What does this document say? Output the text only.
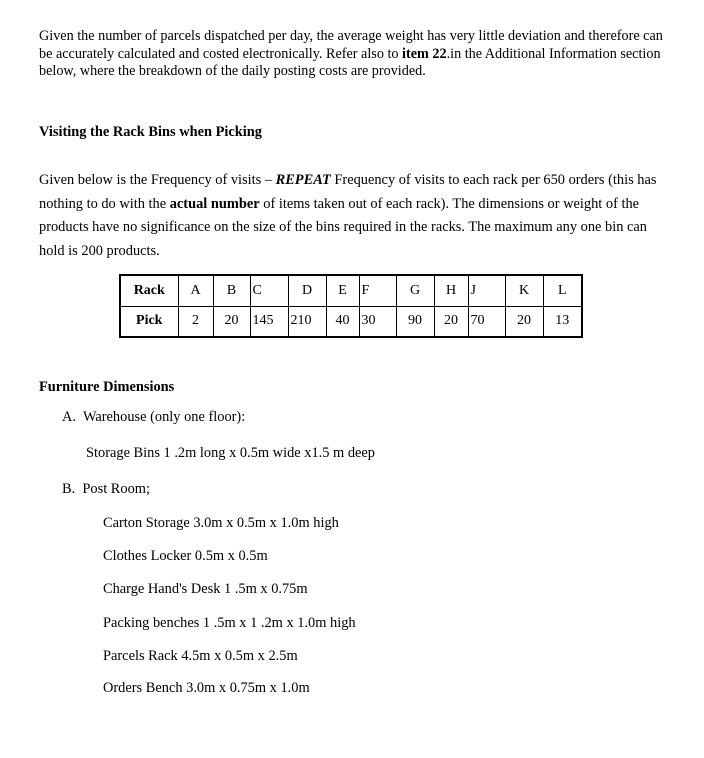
Given the number of parcels dispatched per day, the average weight has very little deviation and therefore can be accurately calculated and costed electronically. Refer also to item 22.in the Additional Information section below, where the breakdown of the daily posting costs are provided.
Visiting the Rack Bins when Picking
Given below is the Frequency of visits – REPEAT Frequency of visits to each rack per 650 orders (this has nothing to do with the actual number of items taken out of each rack). The dimensions or weight of the products have no significance on the size of the bins required in the racks. The maximum any one bin can hold is 200 products.
Rack	A	B	C	D	E	F	G	H	J	K	L
Pick	2	20	145	210	40	30	90	20	70	20	13
Furniture Dimensions
A. Warehouse (only one floor):
Storage Bins 1 .2m long x 0.5m wide x1.5 m deep
B. Post Room;
Carton Storage 3.0m x 0.5m x 1.0m high
Clothes Locker 0.5m x 0.5m
Charge Hand's Desk 1 .5m x 0.75m
Packing benches 1 .5m x 1 .2m x 1.0m high
Parcels Rack 4.5m x 0.5m x 2.5m
Orders Bench 3.0m x 0.75m x 1.0m
